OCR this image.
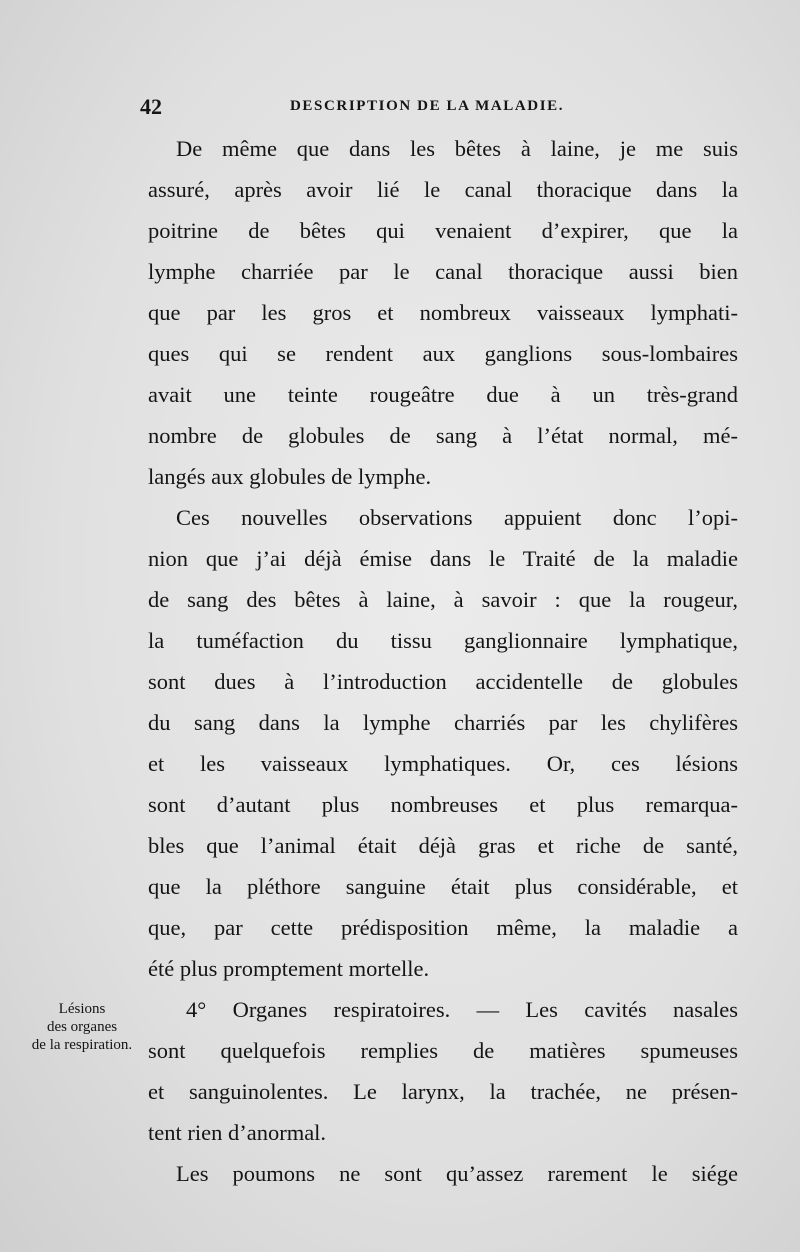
42	DESCRIPTION DE LA MALADIE.
Lésions
des organes
de la respiration.
De même que dans les bêtes à laine, je me suis
assuré, après avoir lié le canal thoracique dans la
poitrine de bêtes qui venaient d’expirer, que la
lymphe charriée par le canal thoracique aussi bien
que par les gros et nombreux vaisseaux lymphati-
ques qui se rendent aux ganglions sous-lombaires
avait une teinte rougeâtre due à un très-grand
nombre de globules de sang à l’état normal, mé-
langés aux globules de lymphe.
Ces nouvelles observations appuient donc l’opi-
nion que j’ai déjà émise dans le Traité de la maladie
de sang des bêtes à laine, à savoir : que la rougeur,
la tuméfaction du tissu ganglionnaire lymphatique,
sont dues à l’introduction accidentelle de globules
du sang dans la lymphe charriés par les chylifères
et les vaisseaux lymphatiques. Or, ces lésions
sont d’autant plus nombreuses et plus remarqua-
bles que l’animal était déjà gras et riche de santé,
que la pléthore sanguine était plus considérable, et
que, par cette prédisposition même, la maladie a
été plus promptement mortelle.
4° Organes respiratoires. — Les cavités nasales
sont quelquefois remplies de matières spumeuses
et sanguinolentes. Le larynx, la trachée, ne présen-
tent rien d’anormal.
Les poumons ne sont qu’assez rarement le siége
